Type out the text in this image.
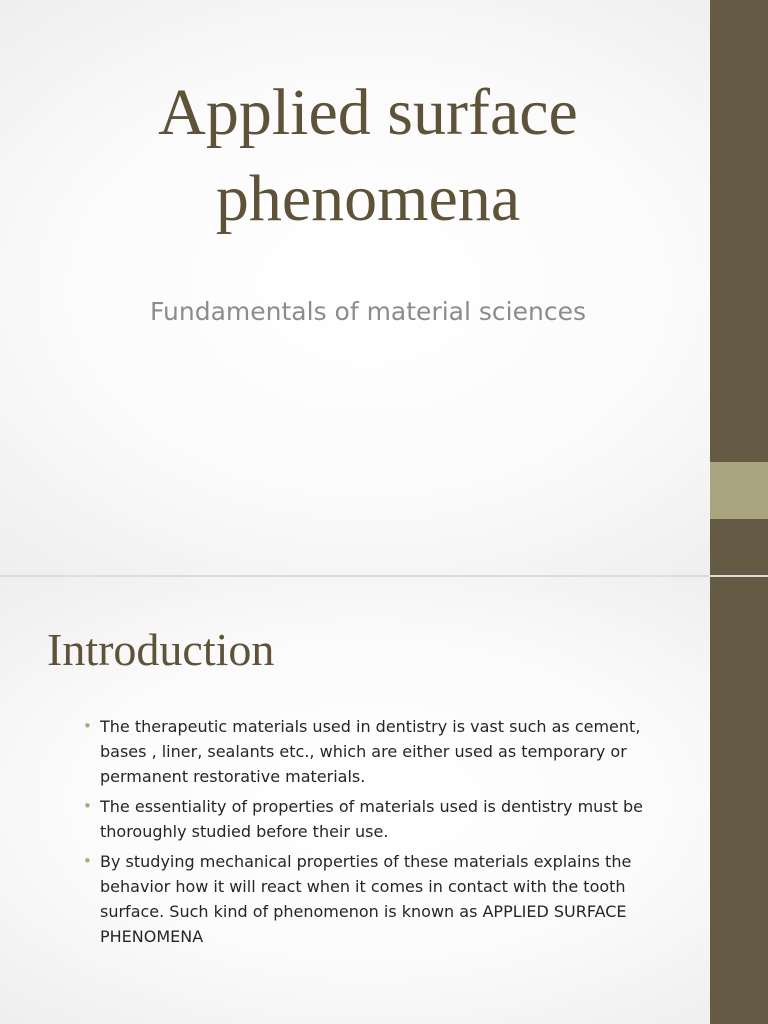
Applied surface phenomena

Fundamentals of material sciences

Introduction
• The therapeutic materials used in dentistry is vast such as cement, bases , liner, sealants etc., which are either used as temporary or permanent restorative materials.
• The essentiality of properties of materials used is dentistry must be thoroughly studied before their use.
• By studying mechanical properties of these materials explains the behavior how it will react when it comes in contact with the tooth surface. Such kind of phenomenon is known as APPLIED SURFACE PHENOMENA
